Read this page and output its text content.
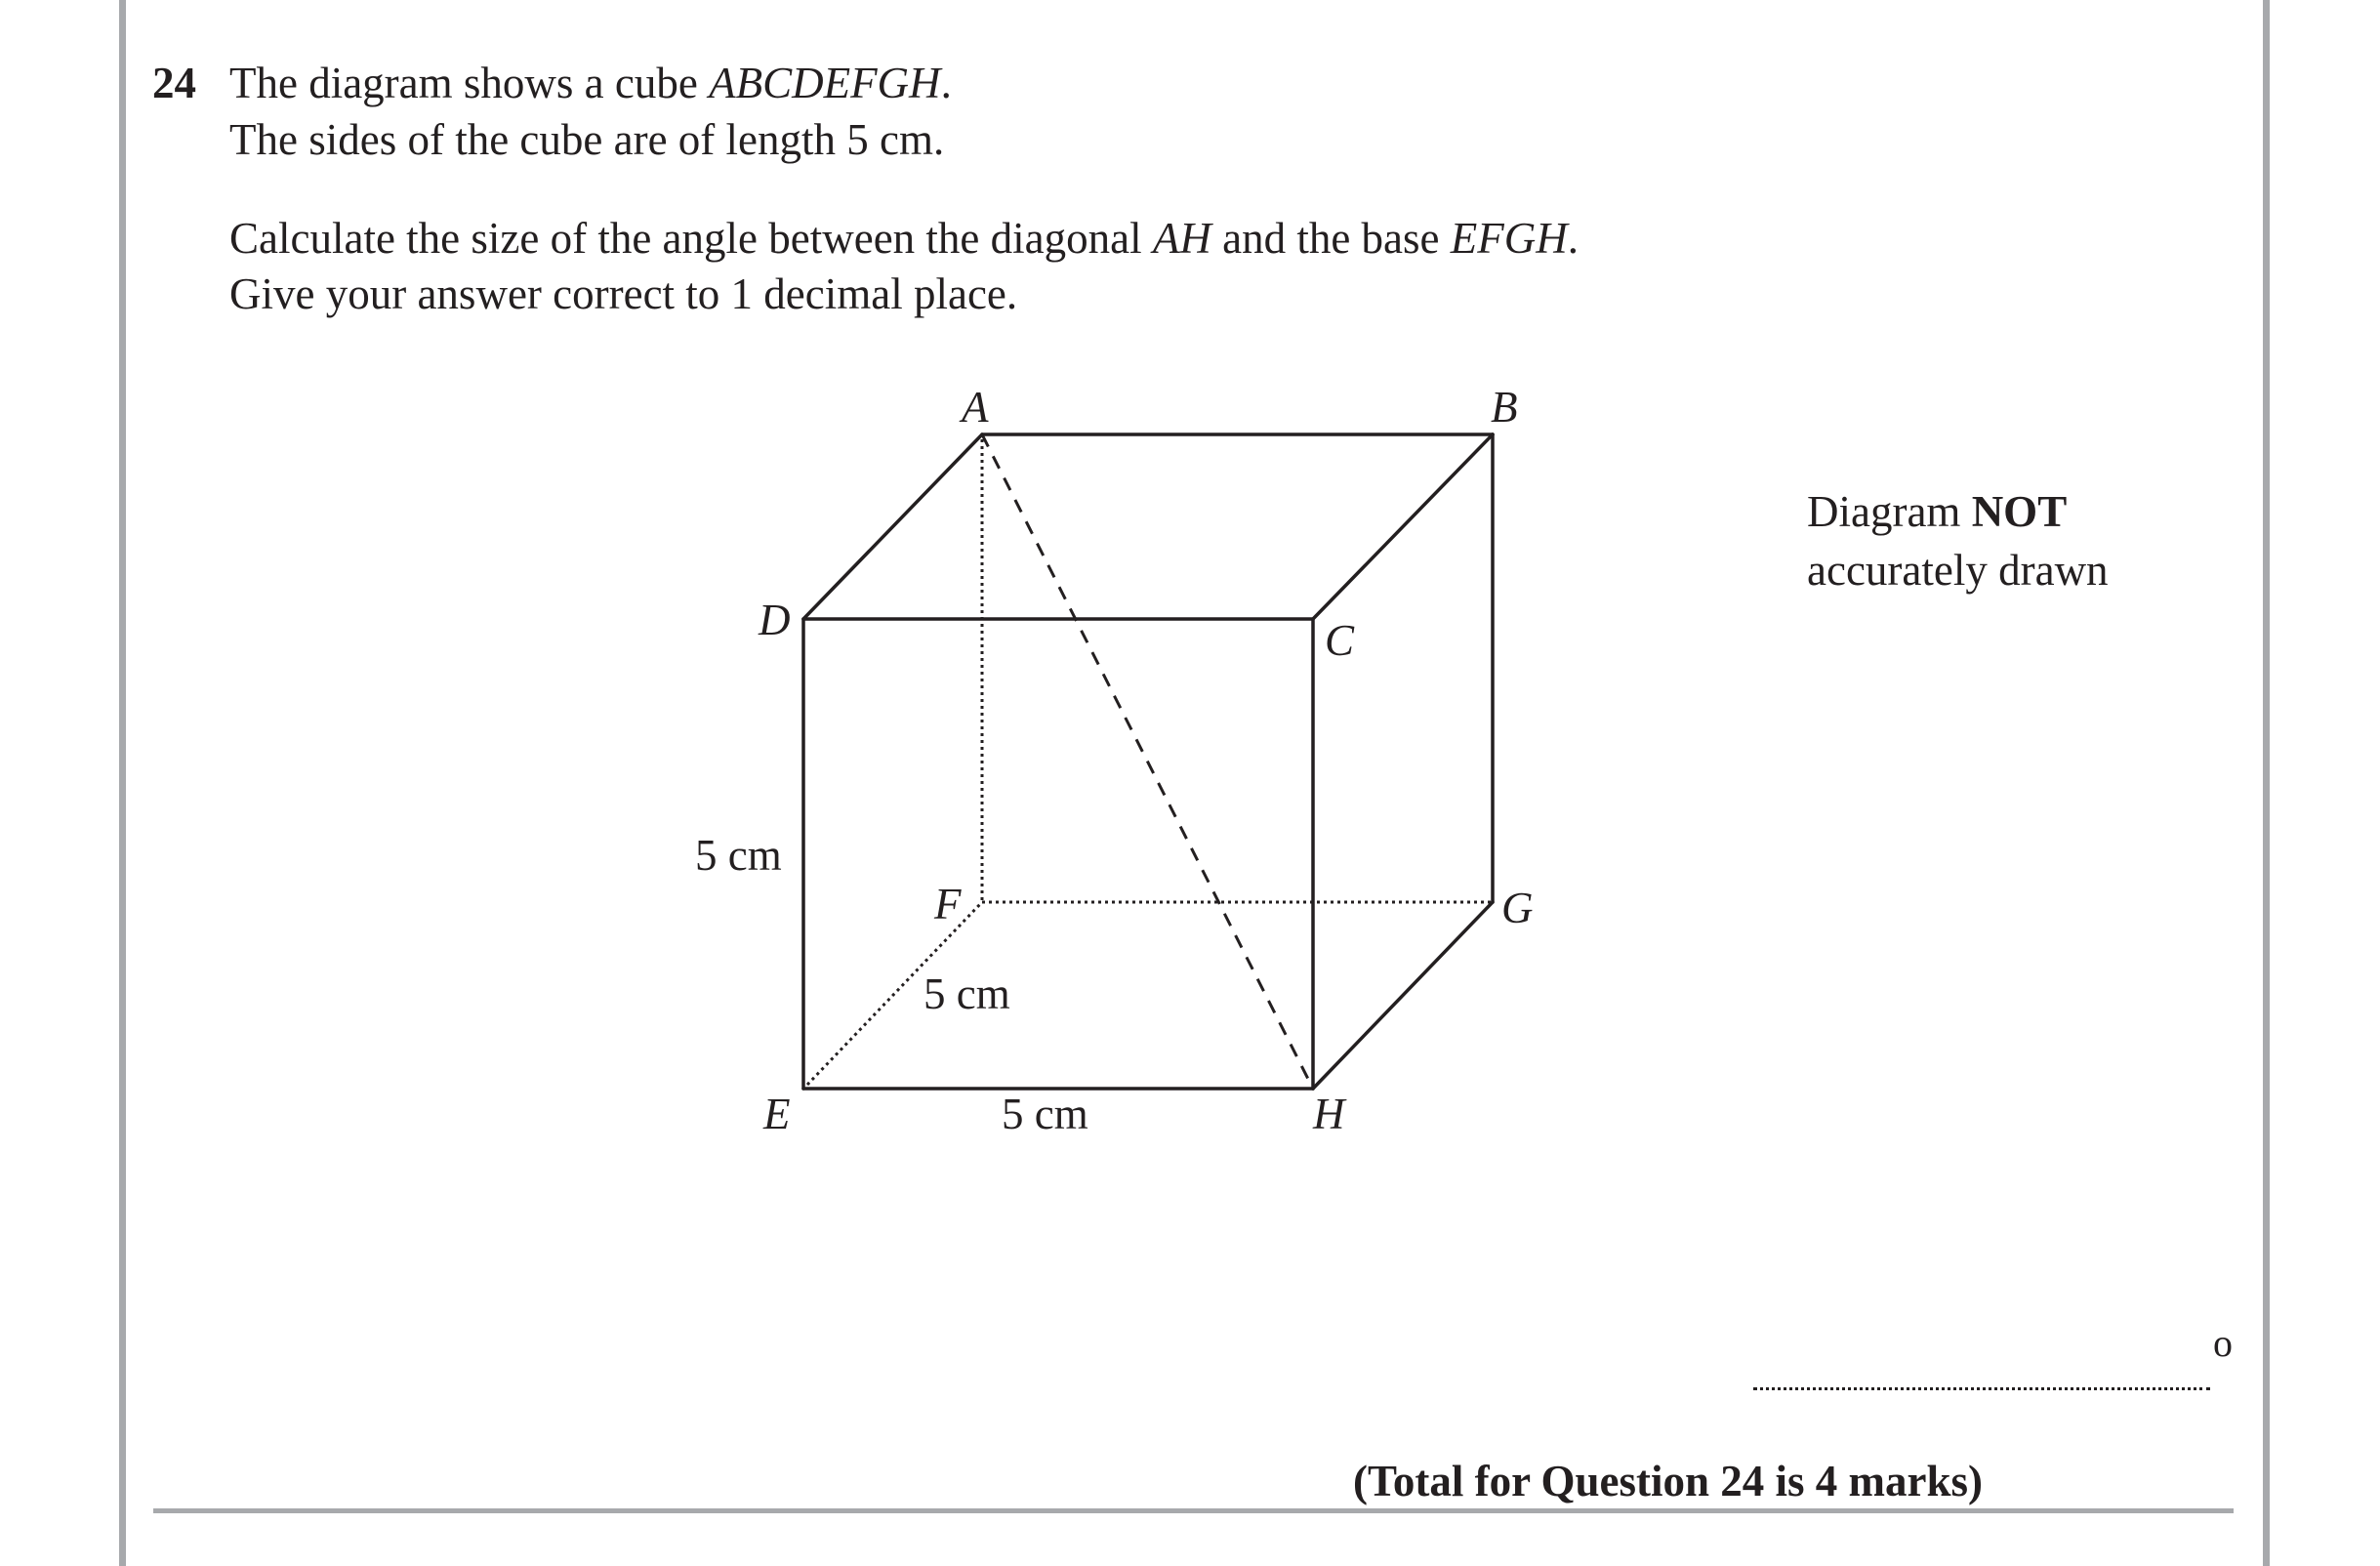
24 The diagram shows a cube ABCDEFGH.
The sides of the cube are of length 5 cm.
Calculate the size of the angle between the diagonal AH and the base EFGH.
Give your answer correct to 1 decimal place.
A	B
C
D
E
F	G
H
5 cm
5 cm
5 cm
Diagram NOT
accurately drawn
o
(Total for Question 24 is 4 marks)
